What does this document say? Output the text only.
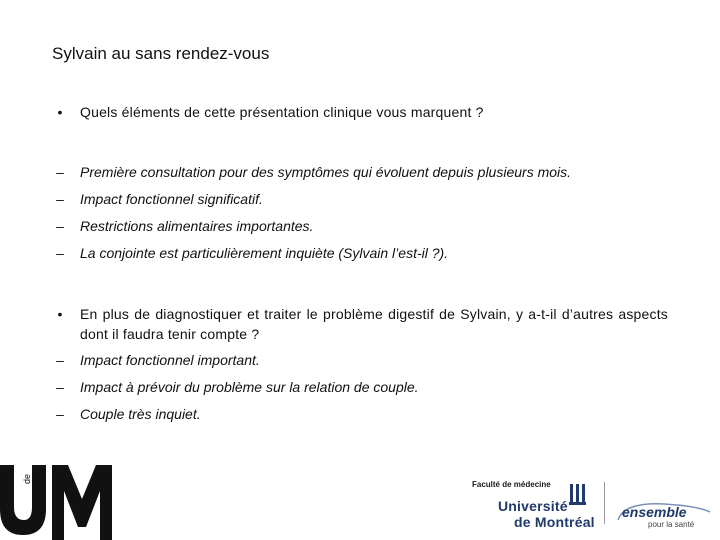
Sylvain au sans rendez-vous
•	Quels éléments de cette présentation clinique vous marquent ?
–	Première consultation pour des symptômes qui évoluent depuis plusieurs mois.
–	Impact fonctionnel significatif.
–	Restrictions alimentaires importantes.
–	La conjointe est particulièrement inquiète (Sylvain l’est-il ?).
•	En plus de diagnostiquer et traiter le problème digestif de Sylvain, y a-t-il d’autres aspects dont il faudra tenir compte ?
–	Impact fonctionnel important.
–	Impact à prévoir du problème sur la relation de couple.
–	Couple très inquiet.
de
Faculté de médecine
Université
de Montréal
ensemble
pour la santé
